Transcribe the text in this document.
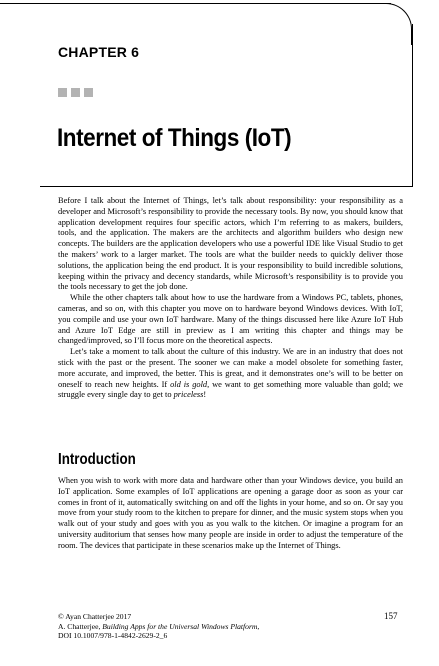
CHAPTER 6
Internet of Things (IoT)

Before I talk about the Internet of Things, let’s talk about responsibility: your responsibility as a developer and Microsoft’s responsibility to provide the necessary tools. By now, you should know that application development requires four specific actors, which I’m referring to as makers, builders, tools, and the application. The makers are the architects and algorithm builders who design new concepts. The builders are the application developers who use a powerful IDE like Visual Studio to get the makers’ work to a larger market. The tools are what the builder needs to quickly deliver those solutions, the application being the end product. It is your responsibility to build incredible solutions, keeping within the privacy and decency standards, while Microsoft’s responsibility is to provide you the tools necessary to get the job done.

While the other chapters talk about how to use the hardware from a Windows PC, tablets, phones, cameras, and so on, with this chapter you move on to hardware beyond Windows devices. With IoT, you compile and use your own IoT hardware. Many of the things discussed here like Azure IoT Hub and Azure IoT Edge are still in preview as I am writing this chapter and things may be changed/improved, so I’ll focus more on the theoretical aspects.

Let’s take a moment to talk about the culture of this industry. We are in an industry that does not stick with the past or the present. The sooner we can make a model obsolete for something faster, more accurate, and improved, the better. This is great, and it demonstrates one’s will to be better on oneself to reach new heights. If old is gold, we want to get something more valuable than gold; we struggle every single day to get to priceless!

Introduction

When you wish to work with more data and hardware other than your Windows device, you build an IoT application. Some examples of IoT applications are opening a garage door as soon as your car comes in front of it, automatically switching on and off the lights in your home, and so on. Or say you move from your study room to the kitchen to prepare for dinner, and the music system stops when you walk out of your study and goes with you as you walk to the kitchen. Or imagine a program for an university auditorium that senses how many people are inside in order to adjust the temperature of the room. The devices that participate in these scenarios make up the Internet of Things.

© Ayan Chatterjee 2017
A. Chatterjee, Building Apps for the Universal Windows Platform,
DOI 10.1007/978-1-4842-2629-2_6
157
